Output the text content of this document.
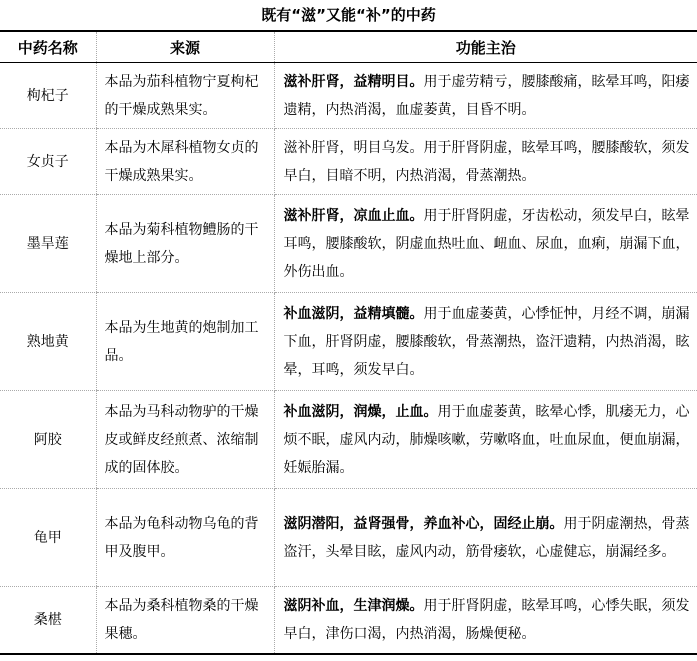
既有“滋”又能“补”的中药
中药名称	来源	功能主治
枸杞子	本品为茄科植物宁夏枸杞的干燥成熟果实。	滋补肝肾，益精明目。用于虚劳精亏，腰膝酸痛，眩晕耳鸣，阳痿遗精，内热消渴，血虚萎黄，目昏不明。
女贞子	本品为木犀科植物女贞的干燥成熟果实。	滋补肝肾，明目乌发。用于肝肾阴虚，眩晕耳鸣，腰膝酸软，须发早白，目暗不明，内热消渴，骨蒸潮热。
墨旱莲	本品为菊科植物鳢肠的干燥地上部分。	滋补肝肾，凉血止血。用于肝肾阴虚，牙齿松动，须发早白，眩晕耳鸣，腰膝酸软，阴虚血热吐血、衄血、尿血，血痢，崩漏下血，外伤出血。
熟地黄	本品为生地黄的炮制加工品。	补血滋阴，益精填髓。用于血虚萎黄，心悸怔忡，月经不调，崩漏下血，肝肾阴虚，腰膝酸软，骨蒸潮热，盗汗遗精，内热消渴，眩晕，耳鸣，须发早白。
阿胶	本品为马科动物驴的干燥皮或鲜皮经煎煮、浓缩制成的固体胶。	补血滋阴，润燥，止血。用于血虚萎黄，眩晕心悸，肌痿无力，心烦不眠，虚风内动，肺燥咳嗽，劳嗽咯血，吐血尿血，便血崩漏，妊娠胎漏。
龟甲	本品为龟科动物乌龟的背甲及腹甲。	滋阴潜阳，益肾强骨，养血补心，固经止崩。用于阴虚潮热，骨蒸盗汗，头晕目眩，虚风内动，筋骨痿软，心虚健忘，崩漏经多。
桑椹	本品为桑科植物桑的干燥果穗。	滋阴补血，生津润燥。用于肝肾阴虚，眩晕耳鸣，心悸失眠，须发早白，津伤口渴，内热消渴，肠燥便秘。
